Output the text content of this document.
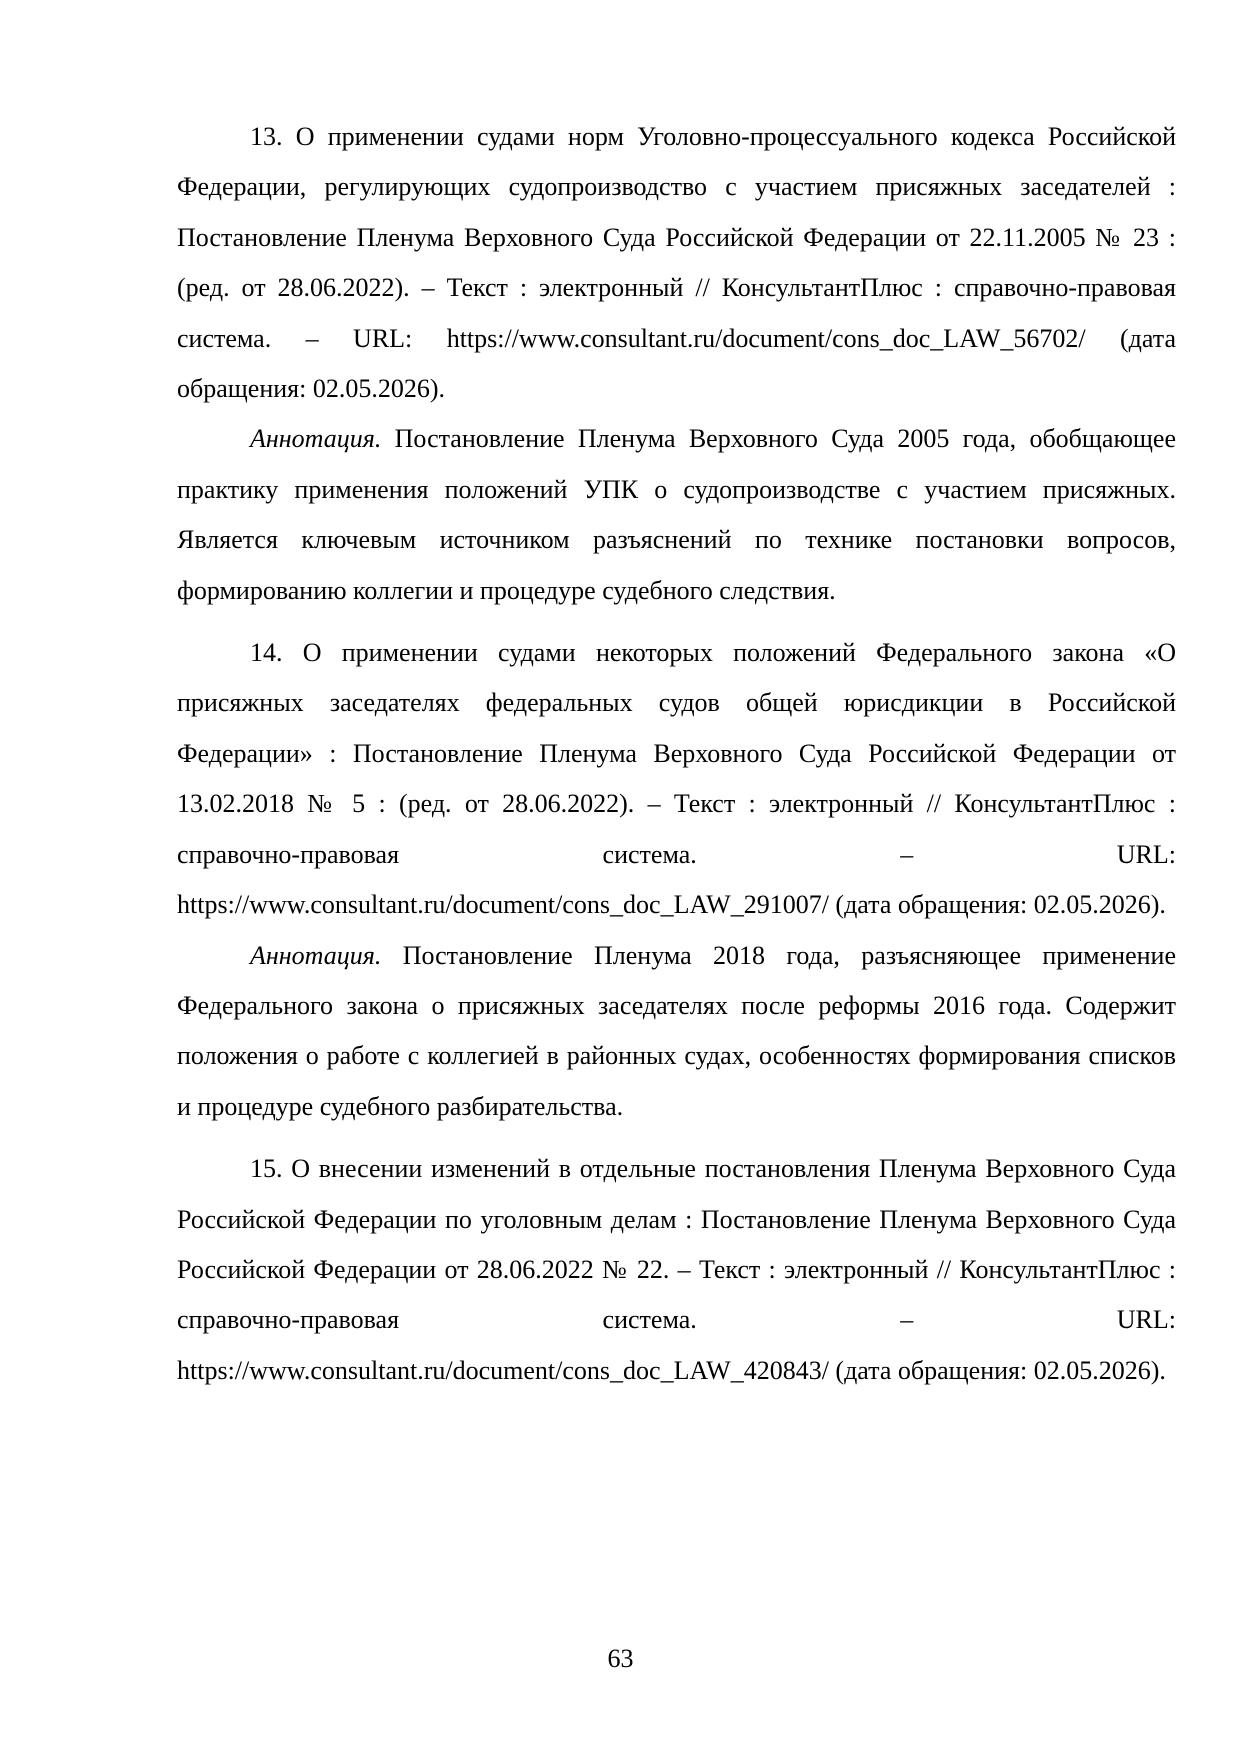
13. О применении судами норм Уголовно-процессуального кодекса Российской Федерации, регулирующих судопроизводство с участием присяжных заседателей : Постановление Пленума Верховного Суда Российской Федерации от 22.11.2005 № 23 : (ред. от 28.06.2022). – Текст : электронный // КонсультантПлюс : справочно-правовая система. – URL: https://www.consultant.ru/document/cons_doc_LAW_56702/ (дата обращения: 02.05.2026).

Аннотация. Постановление Пленума Верховного Суда 2005 года, обобщающее практику применения положений УПК о судопроизводстве с участием присяжных. Является ключевым источником разъяснений по технике постановки вопросов, формированию коллегии и процедуре судебного следствия.

14. О применении судами некоторых положений Федерального закона «О присяжных заседателях федеральных судов общей юрисдикции в Российской Федерации» : Постановление Пленума Верховного Суда Российской Федерации от 13.02.2018 № 5 : (ред. от 28.06.2022). – Текст : электронный // КонсультантПлюс : справочно-правовая система. – URL: https://www.consultant.ru/document/cons_doc_LAW_291007/ (дата обращения: 02.05.2026).

Аннотация. Постановление Пленума 2018 года, разъясняющее применение Федерального закона о присяжных заседателях после реформы 2016 года. Содержит положения о работе с коллегией в районных судах, особенностях формирования списков и процедуре судебного разбирательства.

15. О внесении изменений в отдельные постановления Пленума Верховного Суда Российской Федерации по уголовным делам : Постановление Пленума Верховного Суда Российской Федерации от 28.06.2022 № 22. – Текст : электронный // КонсультантПлюс : справочно-правовая система. – URL: https://www.consultant.ru/document/cons_doc_LAW_420843/ (дата обращения: 02.05.2026).

63
